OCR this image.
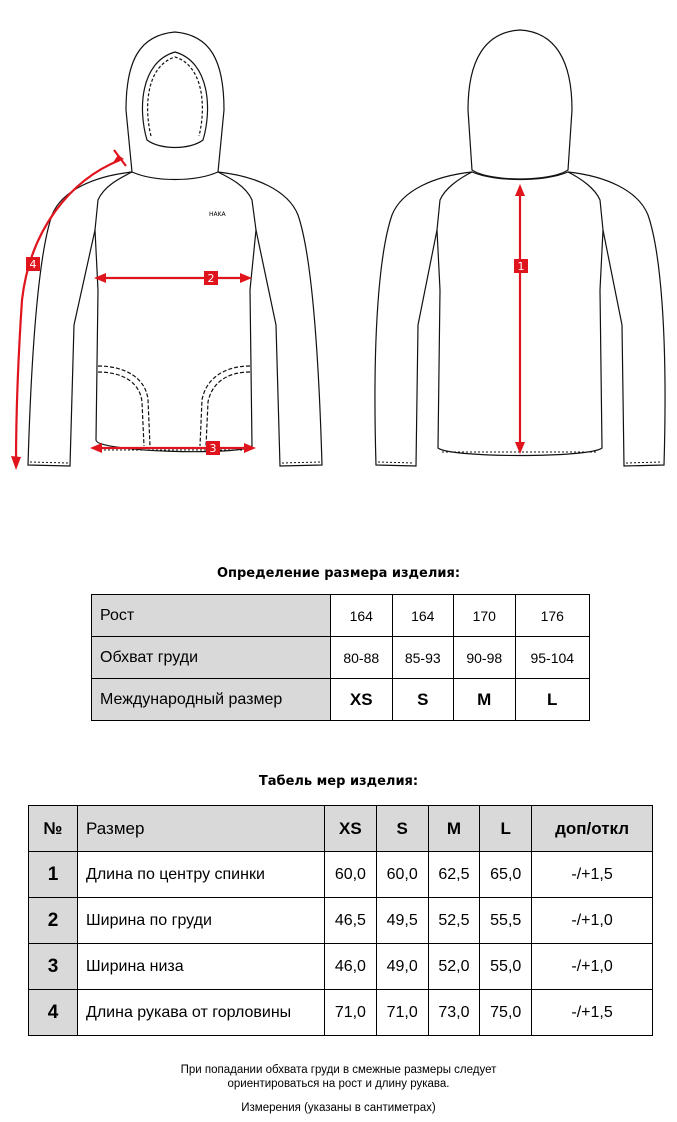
HAKA
1
2
3
4
Определение размера изделия:
Рост	164	164	170	176
Обхват груди	80-88	85-93	90-98	95-104
Международный размер	XS	S	M	L
Табель мер изделия:
№	Размер	XS	S	M	L	доп/откл
1	Длина по центру спинки	60,0	60,0	62,5	65,0	-/+1,5
2	Ширина по груди	46,5	49,5	52,5	55,5	-/+1,0
3	Ширина низа	46,0	49,0	52,0	55,0	-/+1,0
4	Длина рукава от горловины	71,0	71,0	73,0	75,0	-/+1,5
При попадании обхвата груди в смежные размеры следует
ориентироваться на рост и длину рукава.
Измерения (указаны в сантиметрах)
